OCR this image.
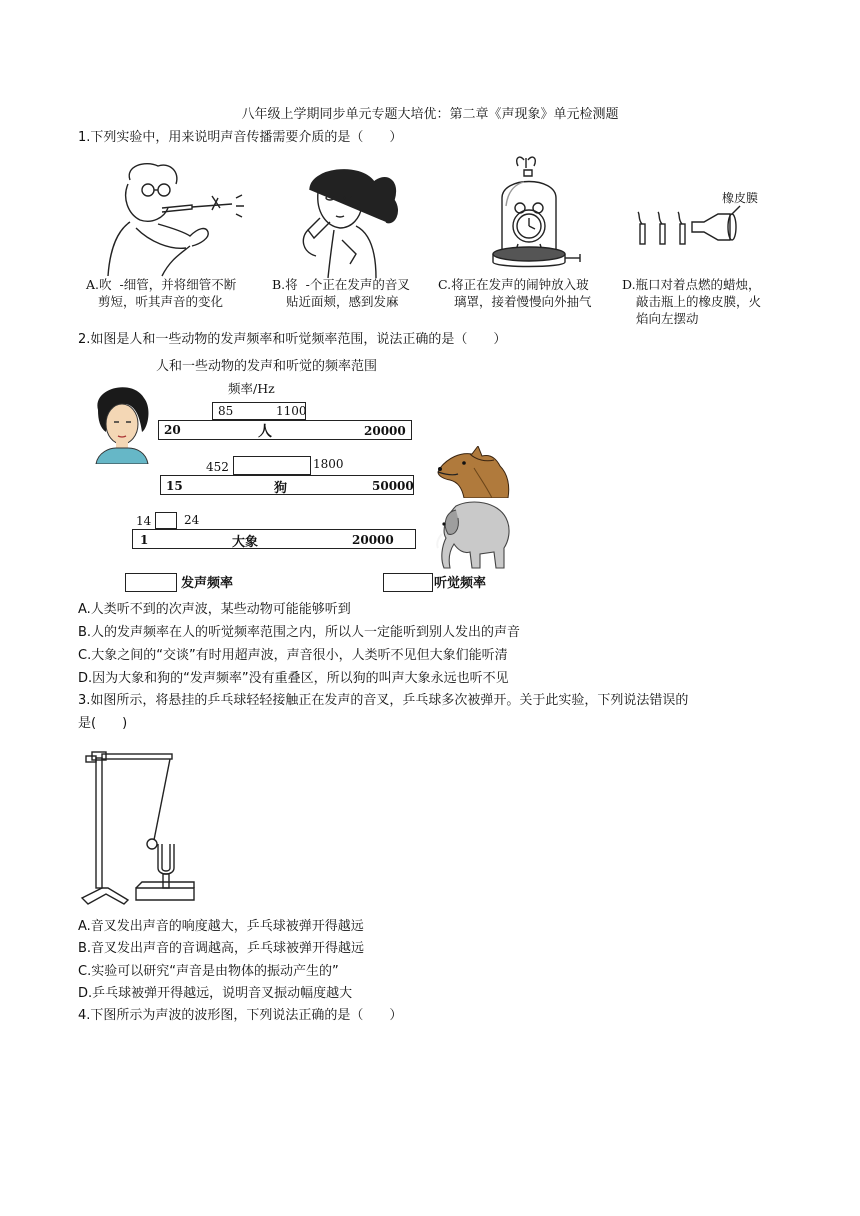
八年级上学期同步单元专题大培优：第二章《声现象》单元检测题
1.下列实验中，用来说明声音传播需要介质的是（　　）
橡皮膜
A.吹 -细管，并将细管不断
剪短，听其声音的变化
B.将 -个正在发声的音叉
贴近面颊，感到发麻
C.将正在发声的闹钟放入玻
璃罩，接着慢慢向外抽气
D.瓶口对着点燃的蜡烛，
敲击瓶上的橡皮膜，火
焰向左摆动
2.如图是人和一些动物的发声频率和听觉频率范围，说法正确的是（　　）
人和一些动物的发声和听觉的频率范围
频率/Hz
85	1100
20	人	20000
452	1800
15	狗	50000
14	24
1	大象	20000
发声频率	听觉频率
A.人类听不到的次声波，某些动物可能能够听到
B.人的发声频率在人的听觉频率范围之内，所以人一定能听到别人发出的声音
C.大象之间的“交谈”有时用超声波，声音很小，人类听不见但大象们能听清
D.因为大象和狗的“发声频率”没有重叠区，所以狗的叫声大象永远也听不见
3.如图所示，将悬挂的乒乓球轻轻接触正在发声的音叉，乒乓球多次被弹开。关于此实验，下列说法错误的
是(　　)
A.音叉发出声音的响度越大，乒乓球被弹开得越远
B.音叉发出声音的音调越高，乒乓球被弹开得越远
C.实验可以研究“声音是由物体的振动产生的”
D.乒乓球被弹开得越远，说明音叉振动幅度越大
4.下图所示为声波的波形图，下列说法正确的是（　　）
